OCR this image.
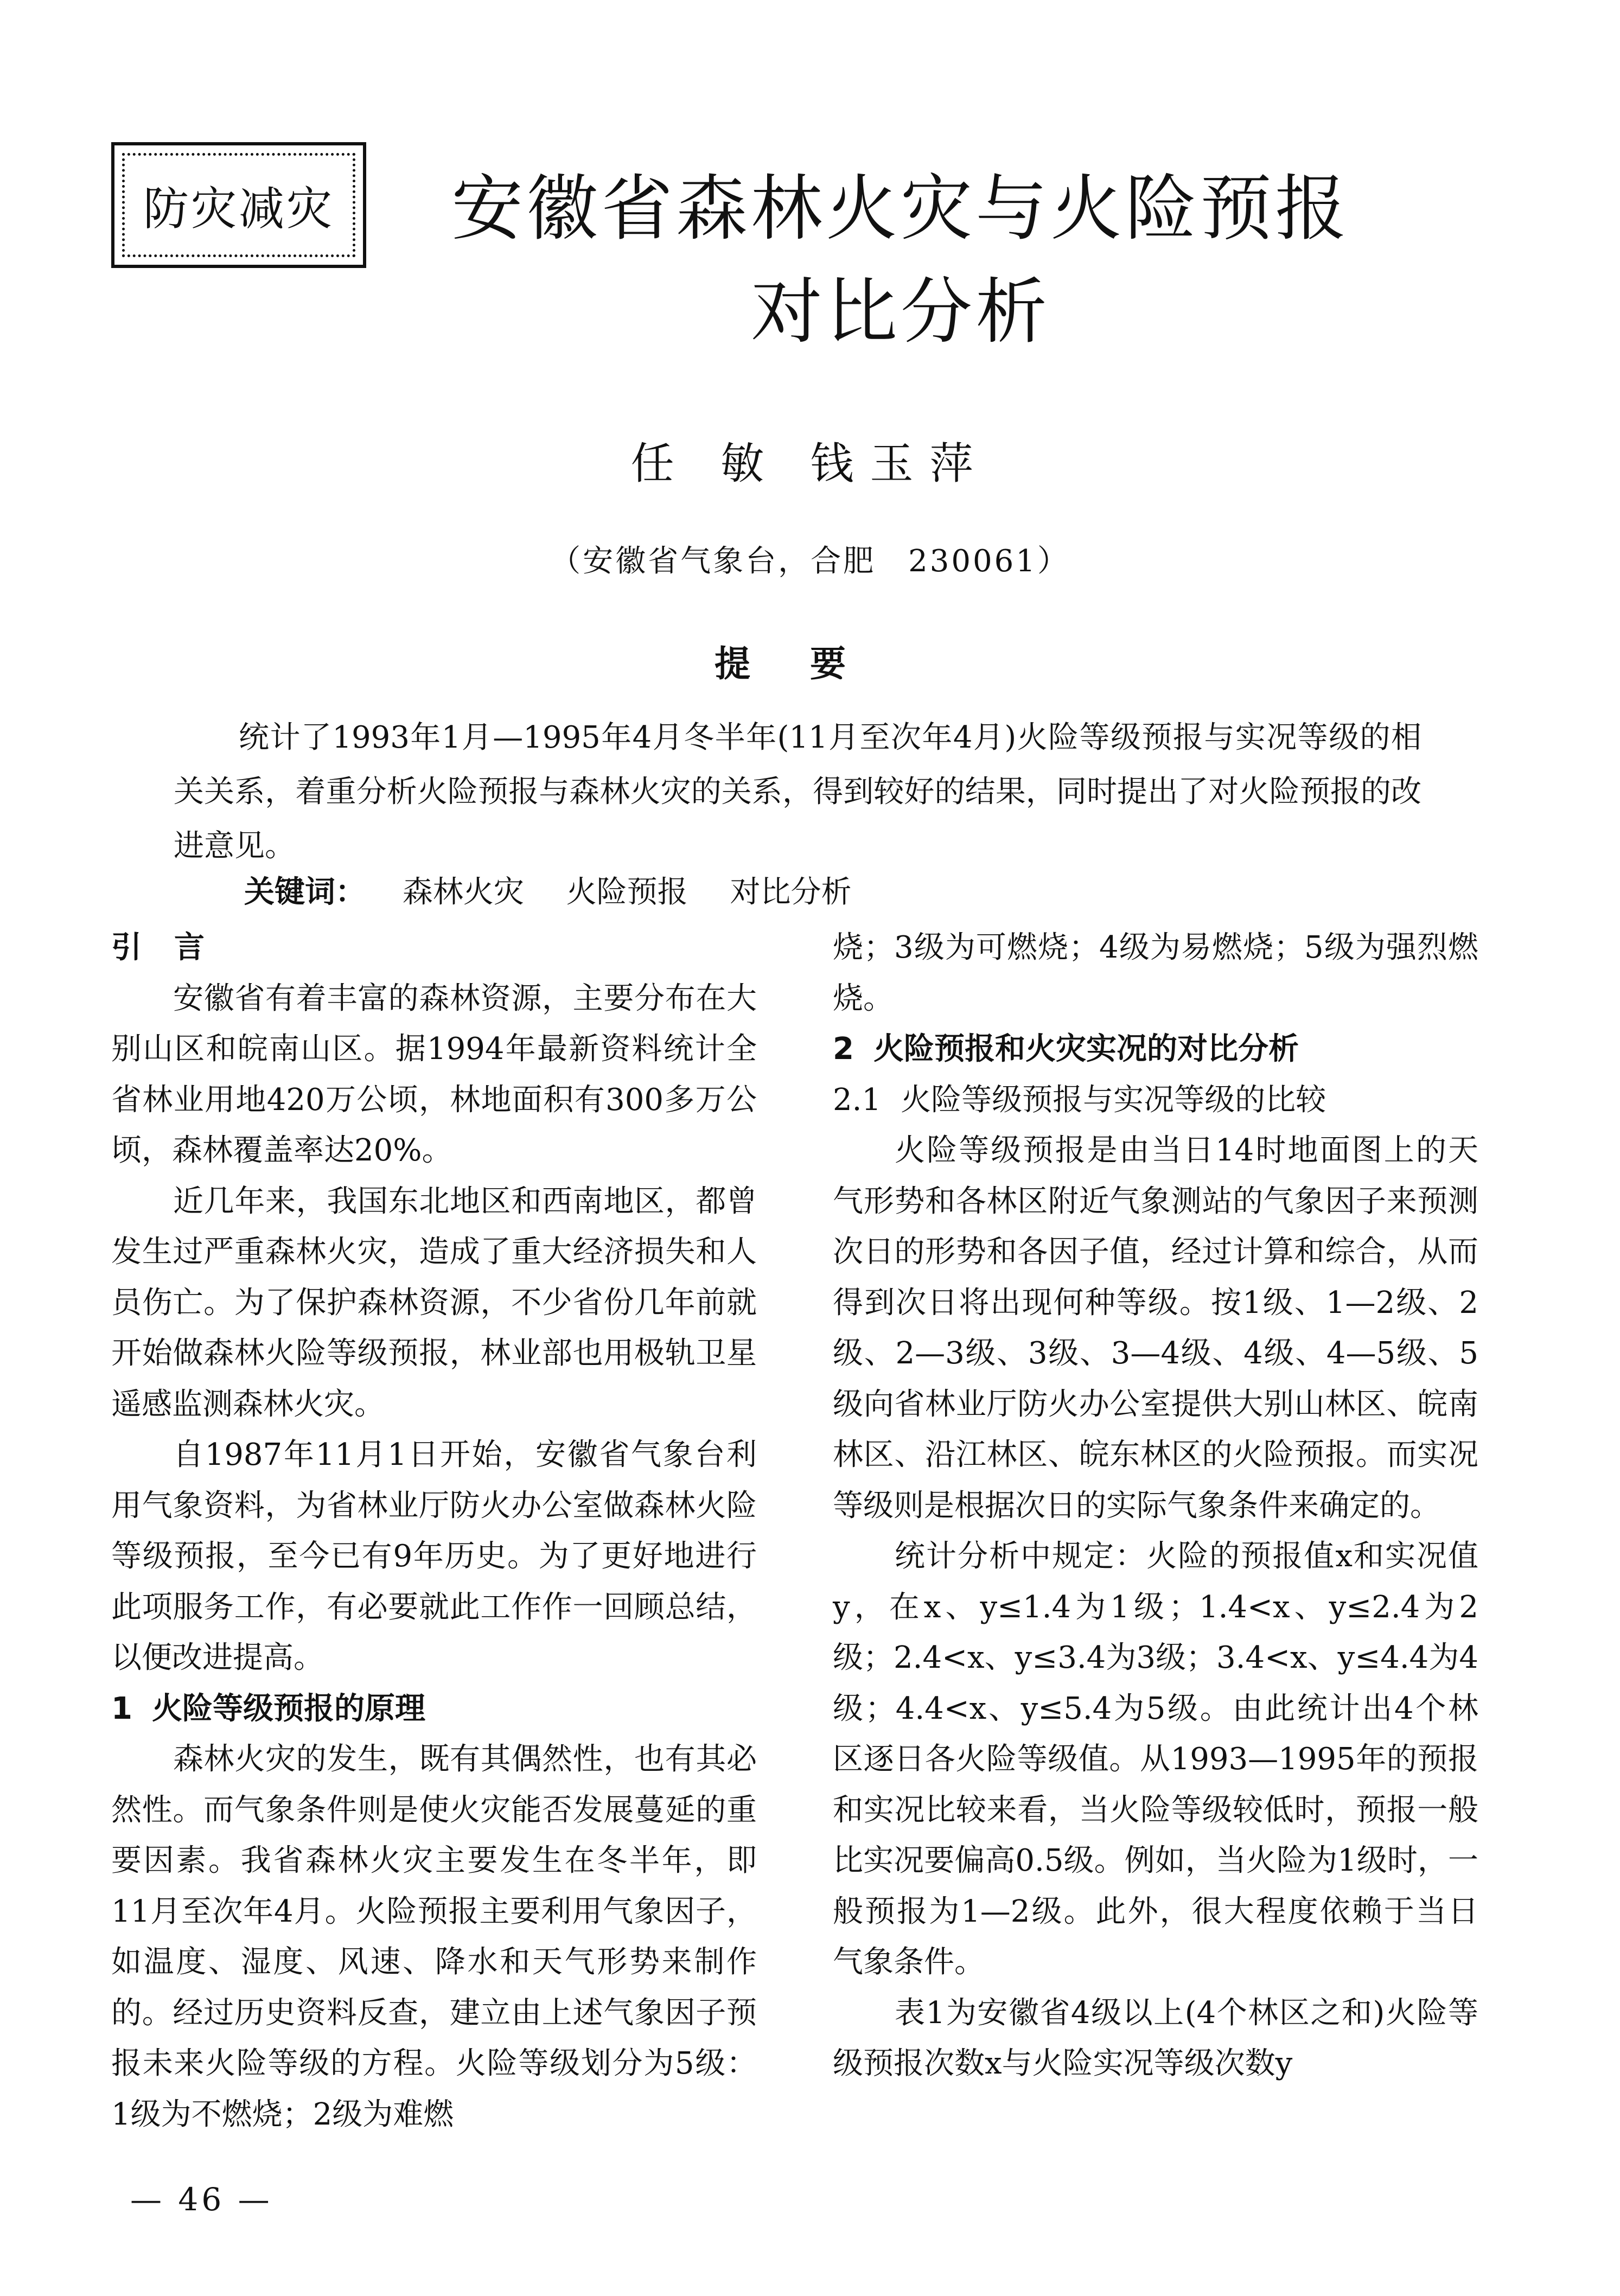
防灾减灾	安徽省森林火灾与火险预报
对比分析
任 敏 钱玉萍
（安徽省气象台，合肥　230061）
提要
统计了1993年1月—1995年4月冬半年(11月至次年4月)火险等级预报与实况等级的相关关系，着重分析火险预报与森林火灾的关系，得到较好的结果，同时提出了对火险预报的改进意见。
关键词： 森林火灾 火险预报 对比分析
引言

安徽省有着丰富的森林资源，主要分布在大别山区和皖南山区。据1994年最新资料统计全省林业用地420万公顷，林地面积有300多万公顷，森林覆盖率达20%。

近几年来，我国东北地区和西南地区，都曾发生过严重森林火灾，造成了重大经济损失和人员伤亡。为了保护森林资源，不少省份几年前就开始做森林火险等级预报，林业部也用极轨卫星遥感监测森林火灾。

自1987年11月1日开始，安徽省气象台利用气象资料，为省林业厅防火办公室做森林火险等级预报，至今已有9年历史。为了更好地进行此项服务工作，有必要就此工作作一回顾总结，以便改进提高。

1 火险等级预报的原理

森林火灾的发生，既有其偶然性，也有其必然性。而气象条件则是使火灾能否发展蔓延的重要因素。我省森林火灾主要发生在冬半年，即11月至次年4月。火险预报主要利用气象因子，如温度、湿度、风速、降水和天气形势来制作的。经过历史资料反查，建立由上述气象因子预报未来火险等级的方程。火险等级划分为5级：1级为不燃烧；2级为难燃

烧；3级为可燃烧；4级为易燃烧；5级为强烈燃烧。

2 火险预报和火灾实况的对比分析
2.1 火险等级预报与实况等级的比较

火险等级预报是由当日14时地面图上的天气形势和各林区附近气象测站的气象因子来预测次日的形势和各因子值，经过计算和综合，从而得到次日将出现何种等级。按1级、1—2级、2级、2—3级、3级、3—4级、4级、4—5级、5级向省林业厅防火办公室提供大别山林区、皖南林区、沿江林区、皖东林区的火险预报。而实况等级则是根据次日的实际气象条件来确定的。

统计分析中规定：火险的预报值x和实况值y，在x、y≤1.4为1级；1.4<x、y≤2.4为2级；2.4<x、y≤3.4为3级；3.4<x、y≤4.4为4级；4.4<x、y≤5.4为5级。由此统计出4个林区逐日各火险等级值。从1993—1995年的预报和实况比较来看，当火险等级较低时，预报一般比实况要偏高0.5级。例如，当火险为1级时，一般预报为1—2级。此外，很大程度依赖于当日气象条件。

表1为安徽省4级以上(4个林区之和)火险等级预报次数x与火险实况等级次数y

— 46 —
